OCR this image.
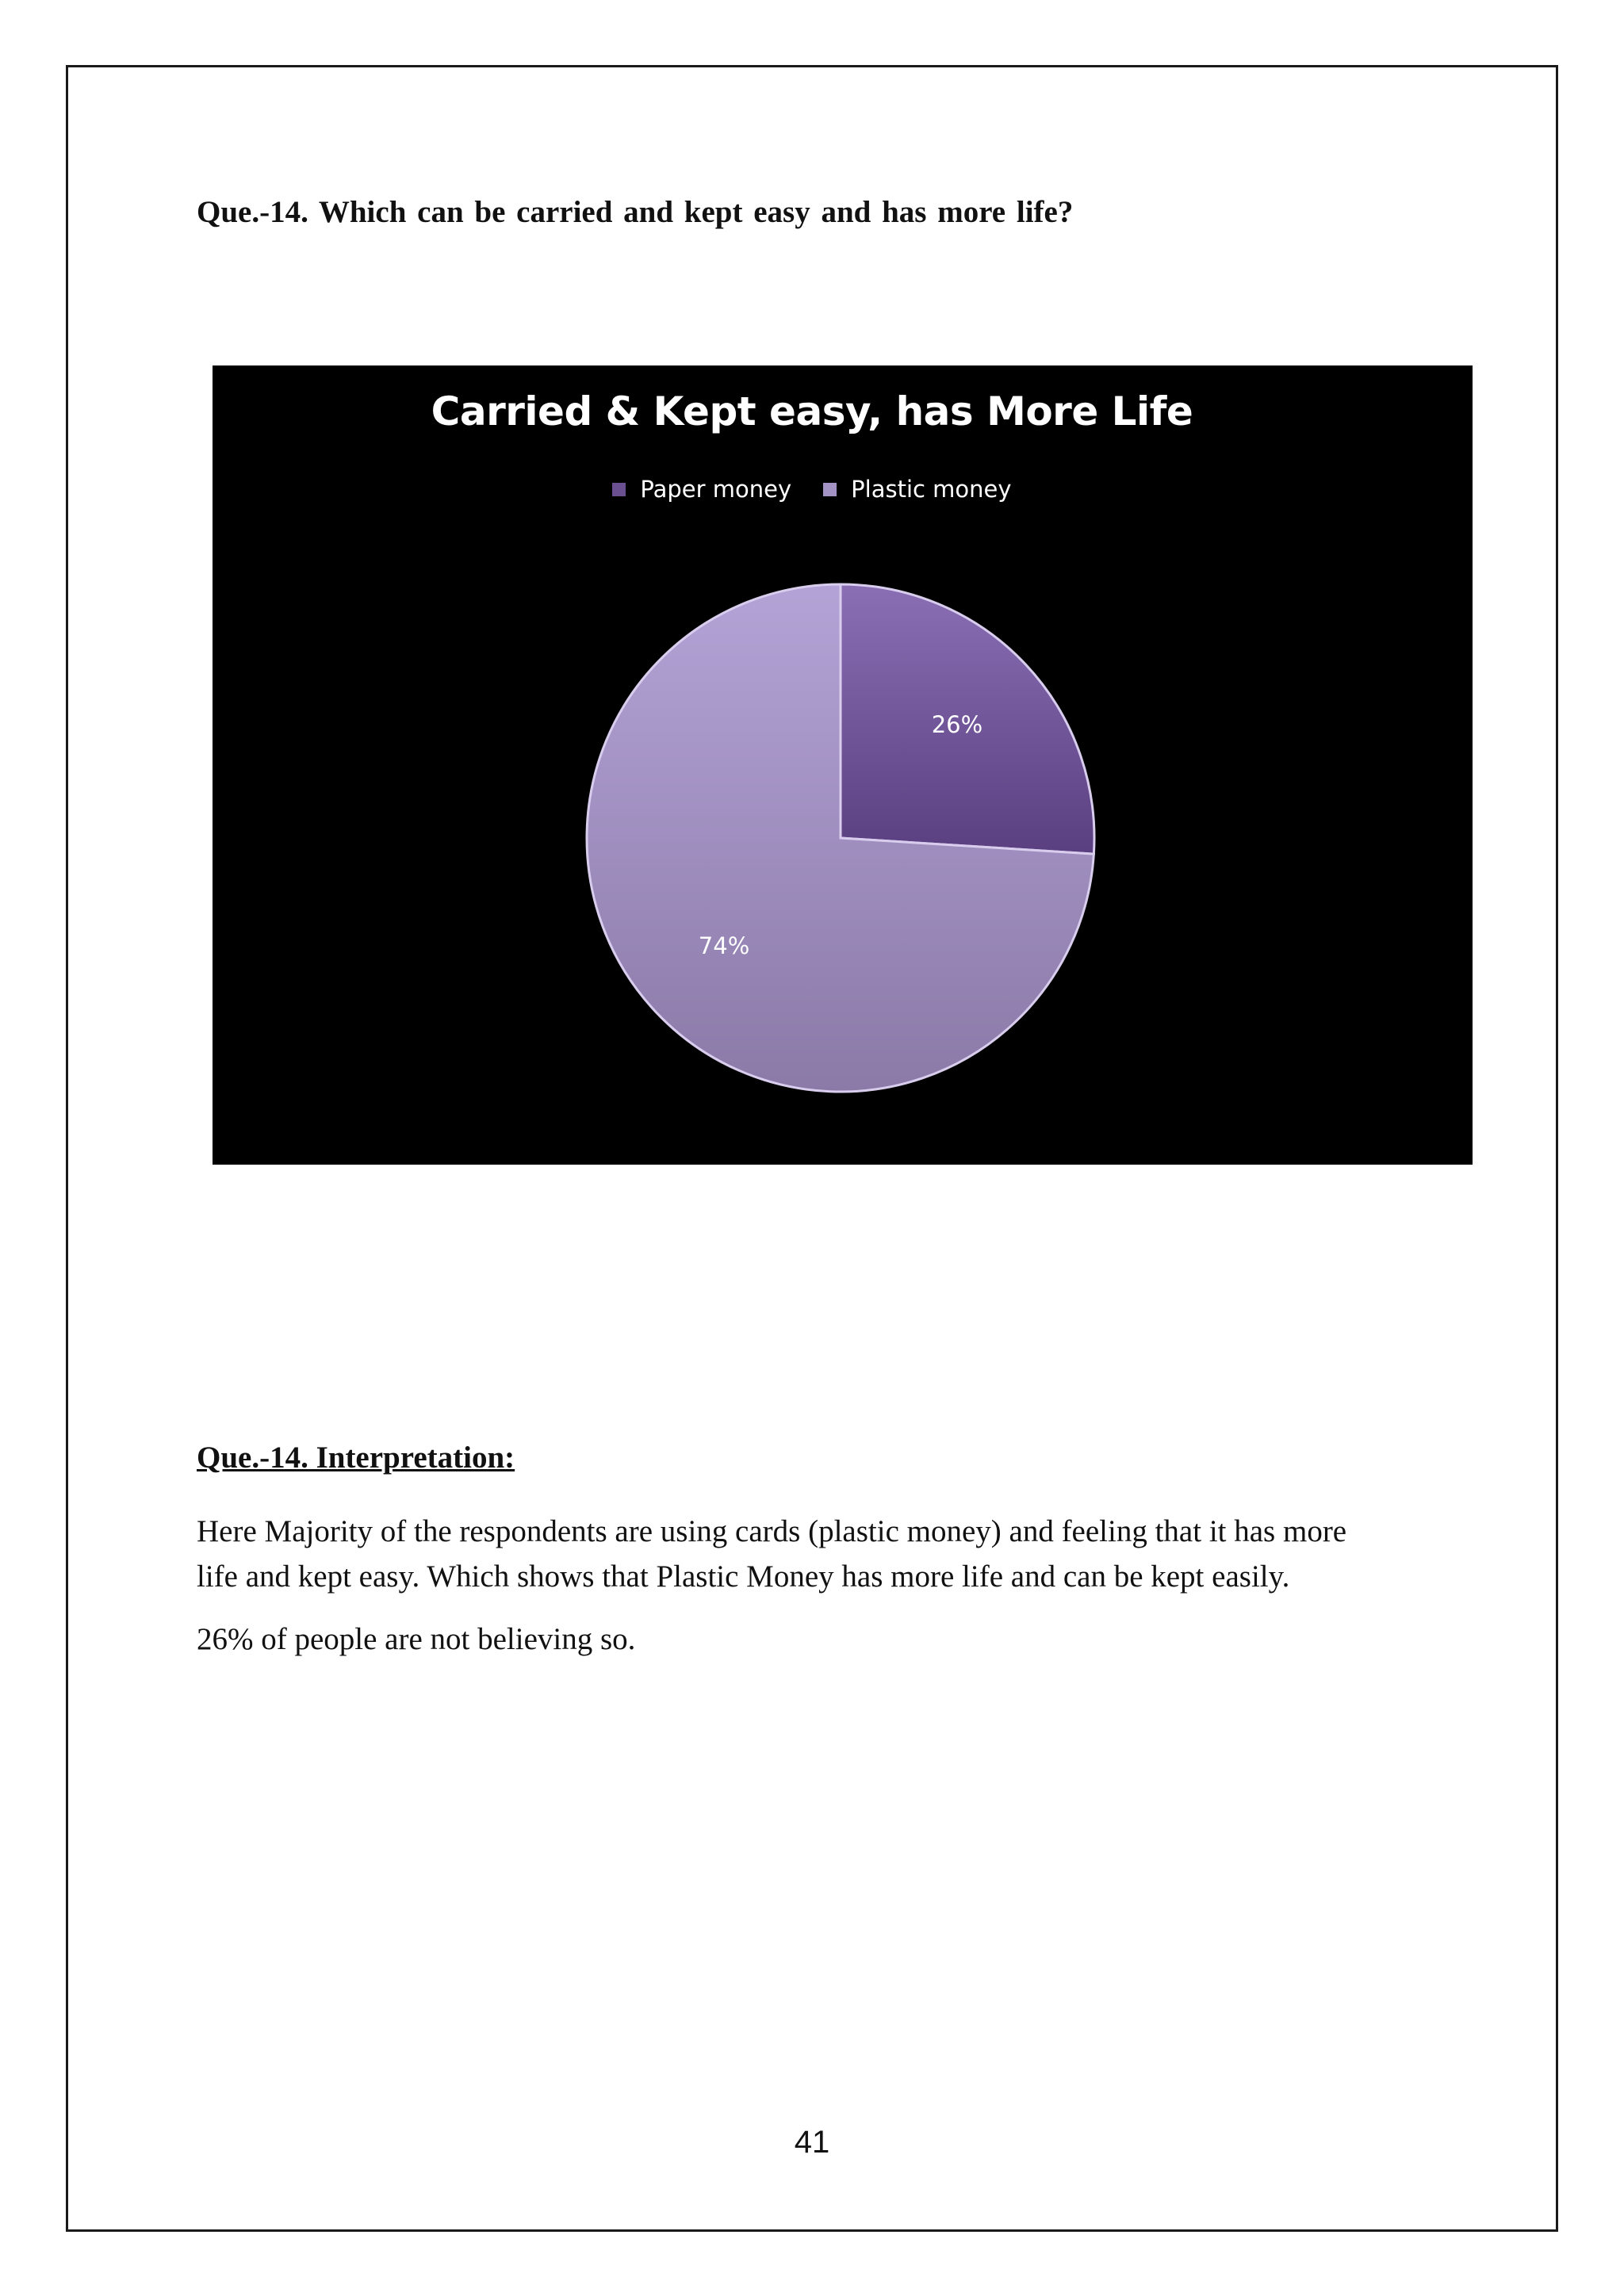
Que.-14. Which can be carried and kept easy and has more life?
Carried & Kept easy, has More Life
Paper money	Plastic money
26%
74%
Que.-14. Interpretation:

Here Majority of the respondents are using cards (plastic money) and feeling that it has more
life and kept easy. Which shows that Plastic Money has more life and can be kept easily.

26% of people are not believing so.
41
